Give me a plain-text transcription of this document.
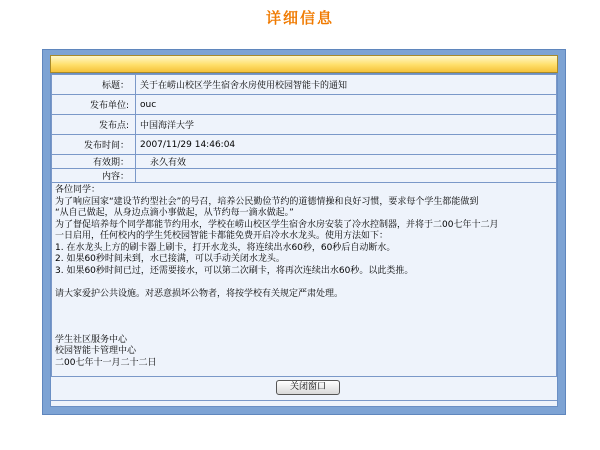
详细信息
标题：	关于在崂山校区学生宿舍水房使用校园智能卡的通知
发布单位:	ouc
发布点:	中国海洋大学
发布时间：	2007/11/29 14:46:04
有效期：	永久有效
内容：	
各位同学：
为了响应国家“建设节约型社会”的号召，培养公民勤俭节约的道德情操和良好习惯，要求每个学生都能做到
“从自己做起，从身边点滴小事做起，从节约每一滴水做起。”
为了督促培养每个同学都能节约用水，学校在崂山校区学生宿舍水房安装了冷水控制器，并将于二00七年十二月
一日启用，任何校内的学生凭校园智能卡都能免费开启冷水水龙头。使用方法如下：
1. 在水龙头上方的刷卡器上刷卡，打开水龙头，将连续出水60秒，60秒后自动断水。
2. 如果60秒时间未到，水已接满，可以手动关闭水龙头。
3. 如果60秒时间已过，还需要接水，可以第二次刷卡，将再次连续出水60秒。以此类推。

请大家爱护公共设施。对恶意损坏公物者，将按学校有关规定严肃处理。

学生社区服务中心
校园智能卡管理中心
二00七年十一月二十二日
关闭窗口
